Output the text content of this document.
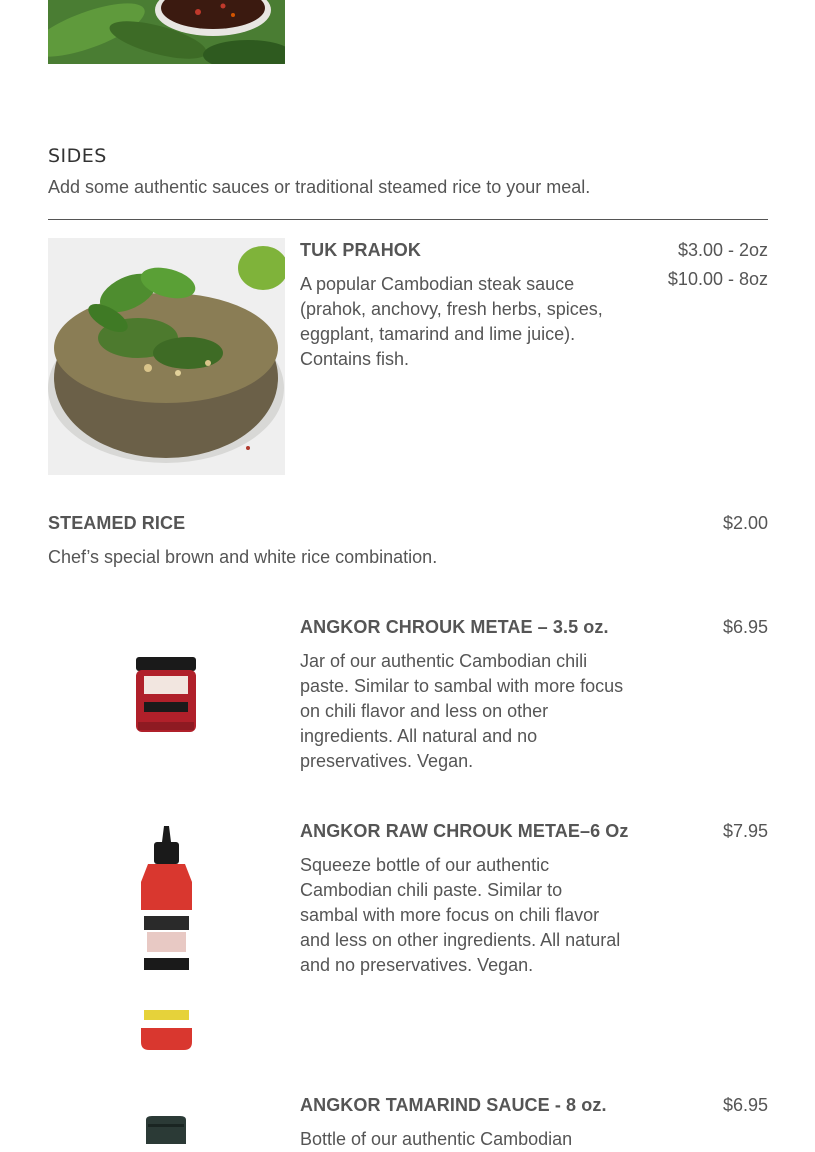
SIDES
Add some authentic sauces or traditional steamed rice to your meal.
TUK PRAHOK
A popular Cambodian steak sauce (prahok, anchovy, fresh herbs, spices, eggplant, tamarind and lime juice). Contains fish.
$3.00 - 2oz
$10.00 - 8oz
STEAMED RICE
Chef’s special brown and white rice combination.
$2.00
ANGKOR CHROUK METAE – 3.5 oz.
Jar of our authentic Cambodian chili paste. Similar to sambal with more focus on chili flavor and less on other ingredients. All natural and no preservatives. Vegan.
$6.95
ANGKOR RAW CHROUK METAE–6 Oz
Squeeze bottle of our authentic Cambodian chili paste. Similar to sambal with more focus on chili flavor and less on other ingredients. All natural and no preservatives. Vegan.
$7.95
ANGKOR TAMARIND SAUCE - 8 oz.
Bottle of our authentic Cambodian
$6.95
